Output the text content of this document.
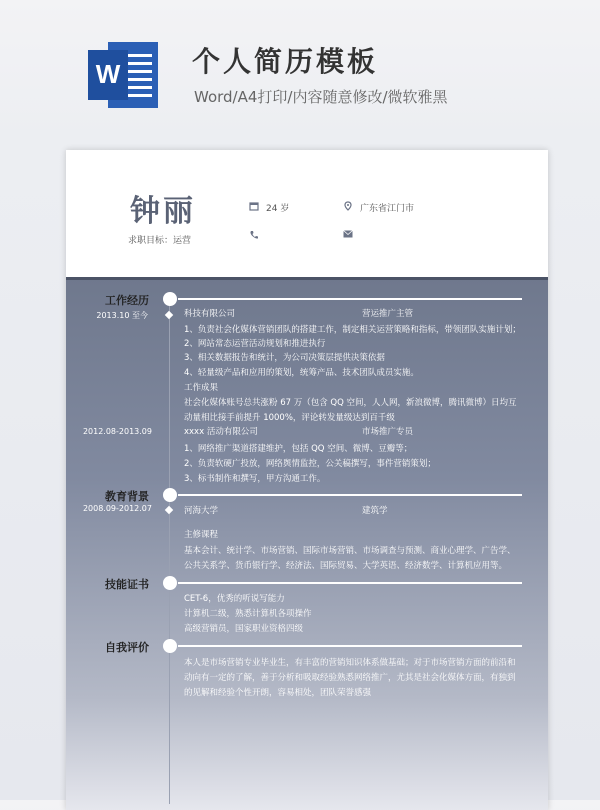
W	个人简历模板
Word/A4打印/内容随意修改/微软雅黑
钟丽
求职目标：运营
24 岁	广东省江门市
工作经历
2013.10 至今	科技有限公司	营运推广主管
1、负责社会化媒体营销团队的搭建工作，制定相关运营策略和指标，带领团队实施计划；
2、网站常态运营活动规划和推进执行
3、相关数据报告和统计，为公司决策层提供决策依据
4、轻量级产品和应用的策划，统筹产品、技术团队成员实施。
工作成果
社会化媒体账号总共涨粉 67 万（包含 QQ 空间，人人网，新浪微博，腾讯微博）日均互
动量相比接手前提升 1000%，评论转发量级达到百千级
2012.08-2013.09	xxxx 活动有限公司	市场推广专员
1、网络推广渠道搭建维护，包括 QQ 空间、微博、豆瓣等；
2、负责软硬广投放，网络舆情监控，公关稿撰写，事件营销策划；
3、标书制作和撰写，甲方沟通工作。
教育背景
2008.09-2012.07	河海大学	建筑学
主修课程
基本会计、统计学、市场营销、国际市场营销、市场调查与预测、商业心理学、广告学、
公共关系学、货币银行学、经济法、国际贸易、大学英语、经济数学、计算机应用等。
技能证书
CET-6，优秀的听说写能力
计算机二级，熟悉计算机各项操作
高级营销员，国家职业资格四级
自我评价
本人是市场营销专业毕业生，有丰富的营销知识体系做基础；对于市场营销方面的前沿和
动向有一定的了解，善于分析和吸取经验熟悉网络推广，尤其是社会化媒体方面，有独到
的见解和经验个性开朗，容易相处，团队荣誉感强
